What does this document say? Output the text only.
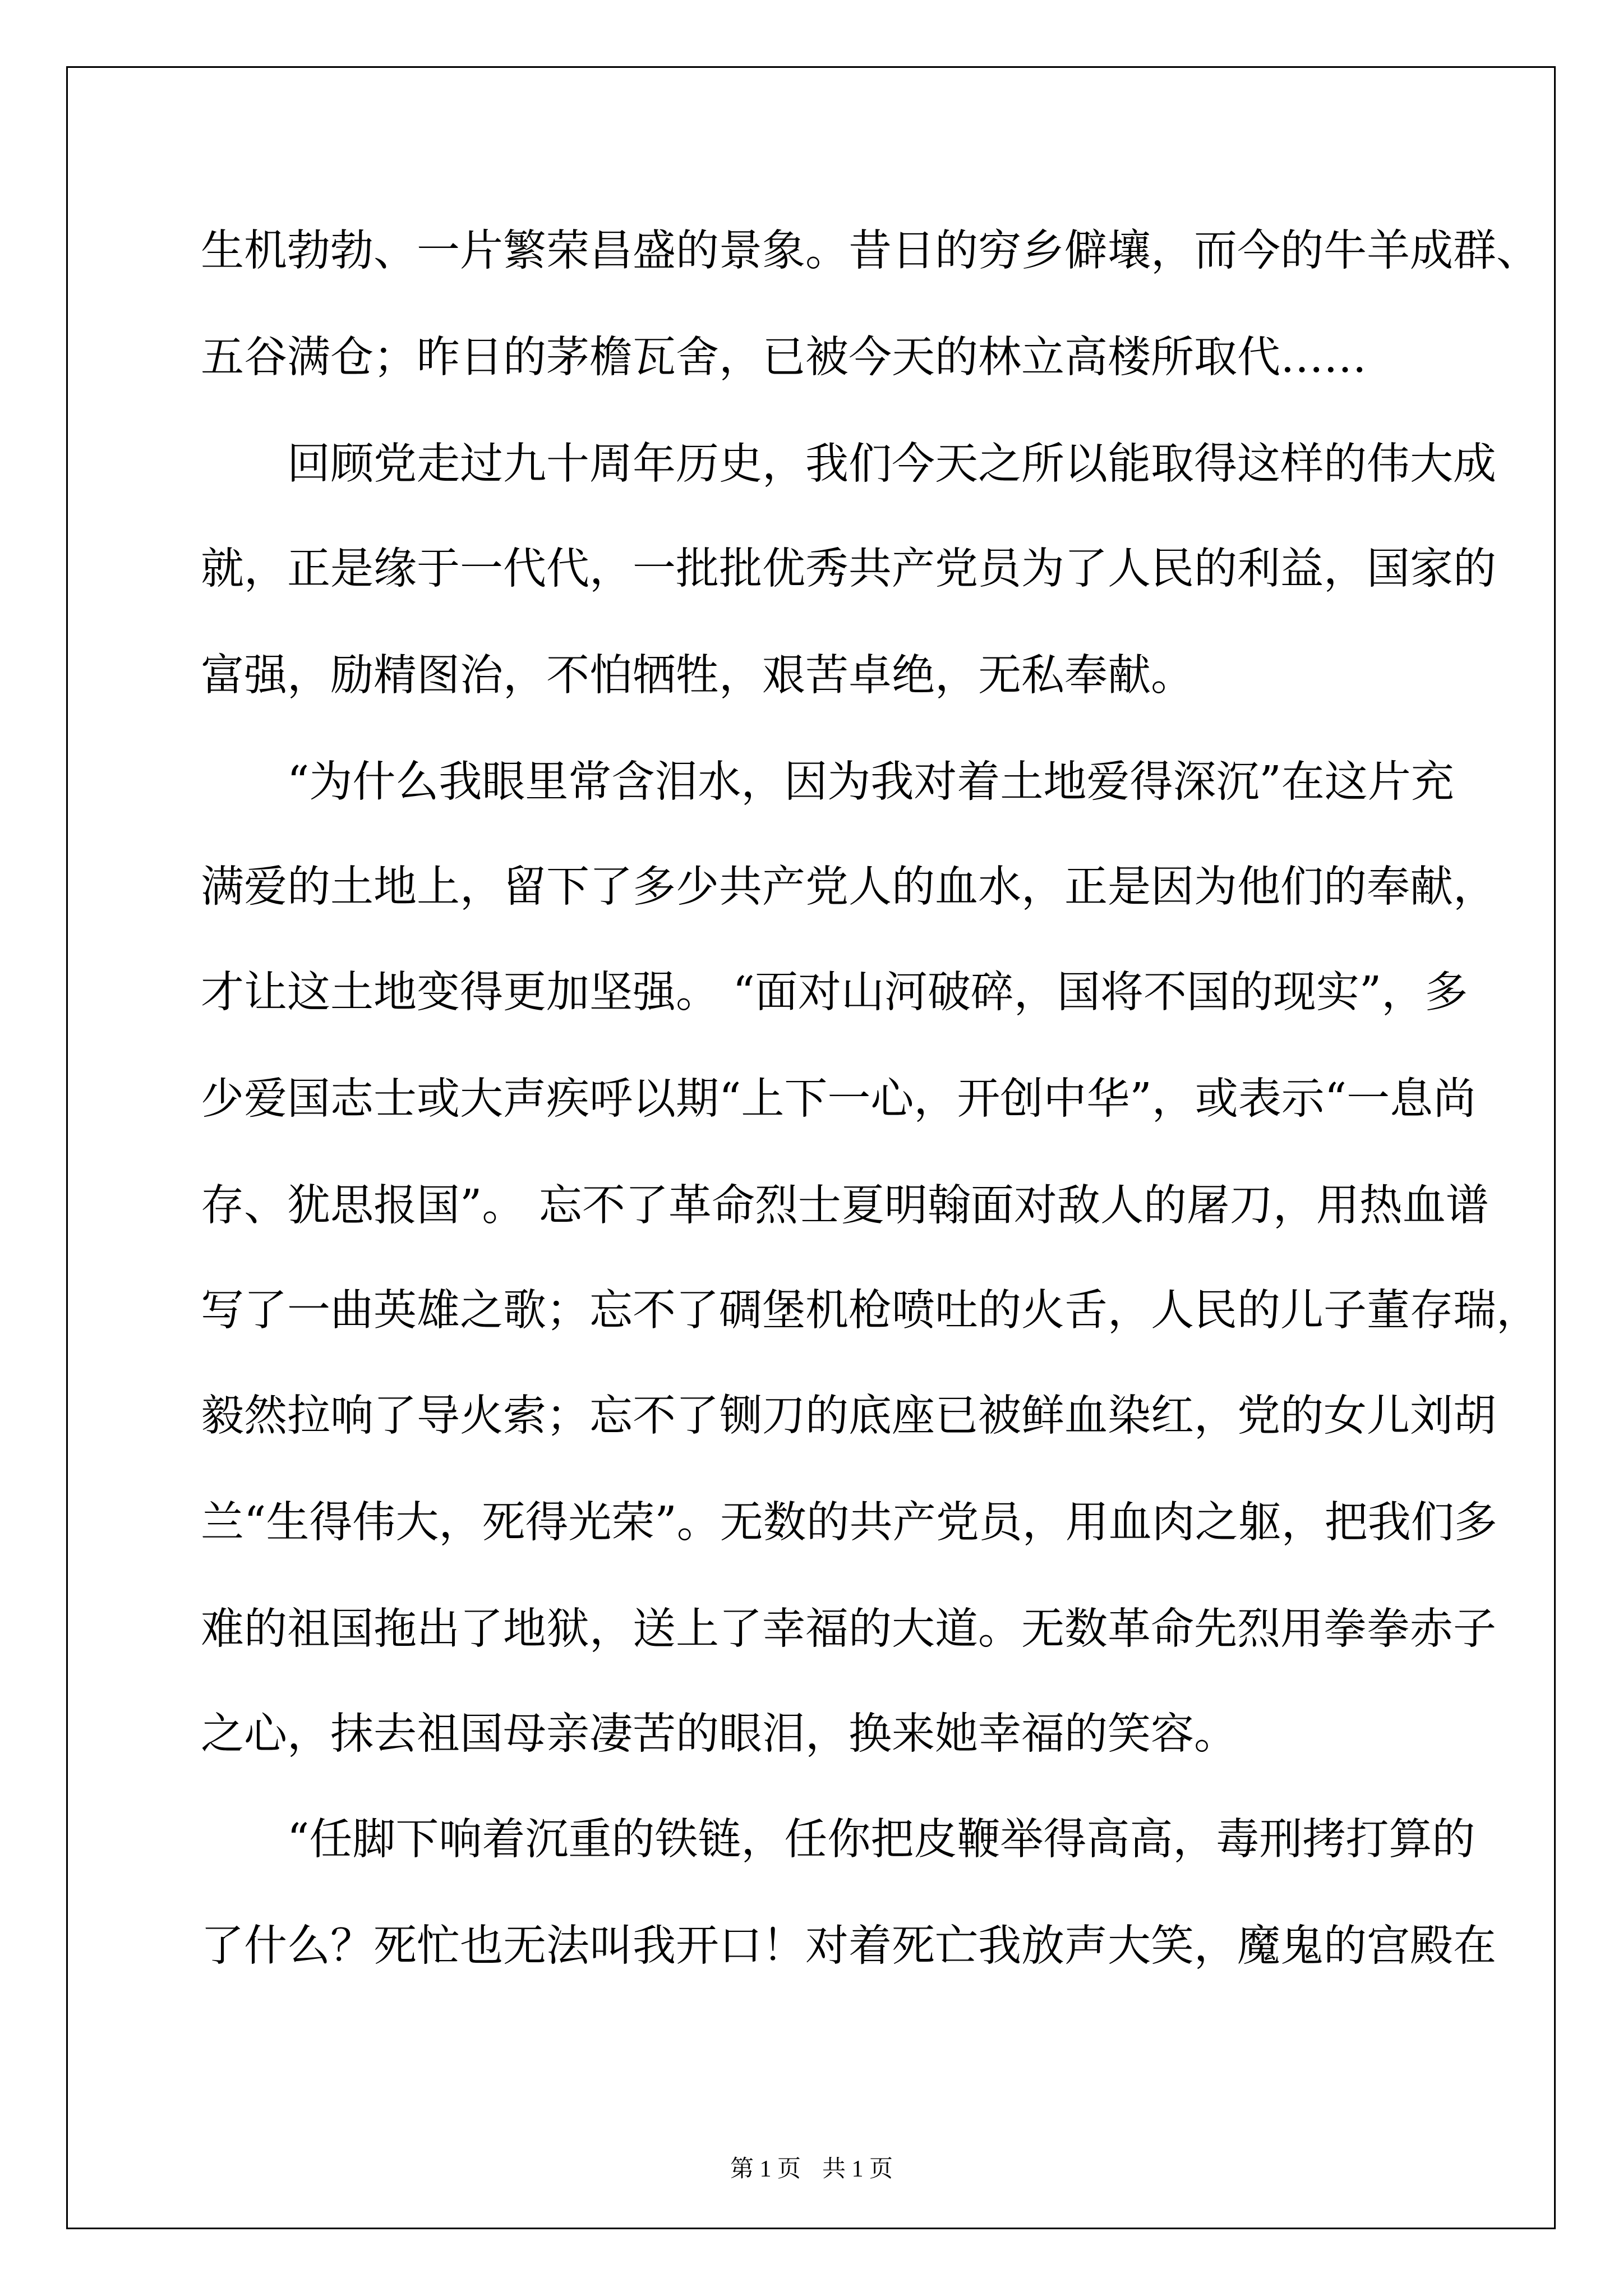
生机勃勃、一片繁荣昌盛的景象。昔日的穷乡僻壤，而今的牛羊成群、
五谷满仓；昨日的茅檐瓦舍，已被今天的林立高楼所取代……
　　回顾党走过九十周年历史，我们今天之所以能取得这样的伟大成
就，正是缘于一代代，一批批优秀共产党员为了人民的利益，国家的
富强，励精图治，不怕牺牲，艰苦卓绝，无私奉献。
　　“为什么我眼里常含泪水，因为我对着土地爱得深沉”在这片充
满爱的土地上，留下了多少共产党人的血水，正是因为他们的奉献，
才让这土地变得更加坚强。 “面对山河破碎，国将不国的现实”，多
少爱国志士或大声疾呼以期“上下一心，开创中华”，或表示“一息尚
存、犹思报国”。 忘不了革命烈士夏明翰面对敌人的屠刀，用热血谱
写了一曲英雄之歌；忘不了碉堡机枪喷吐的火舌，人民的儿子董存瑞，
毅然拉响了导火索；忘不了铡刀的底座已被鲜血染红，党的女儿刘胡
兰“生得伟大，死得光荣”。无数的共产党员，用血肉之躯，把我们多
难的祖国拖出了地狱，送上了幸福的大道。无数革命先烈用拳拳赤子
之心，抹去祖国母亲凄苦的眼泪，换来她幸福的笑容。
　　“任脚下响着沉重的铁链，任你把皮鞭举得高高，毒刑拷打算的
了什么？死忙也无法叫我开口！对着死亡我放声大笑，魔鬼的宫殿在
第 1 页 共 1 页
